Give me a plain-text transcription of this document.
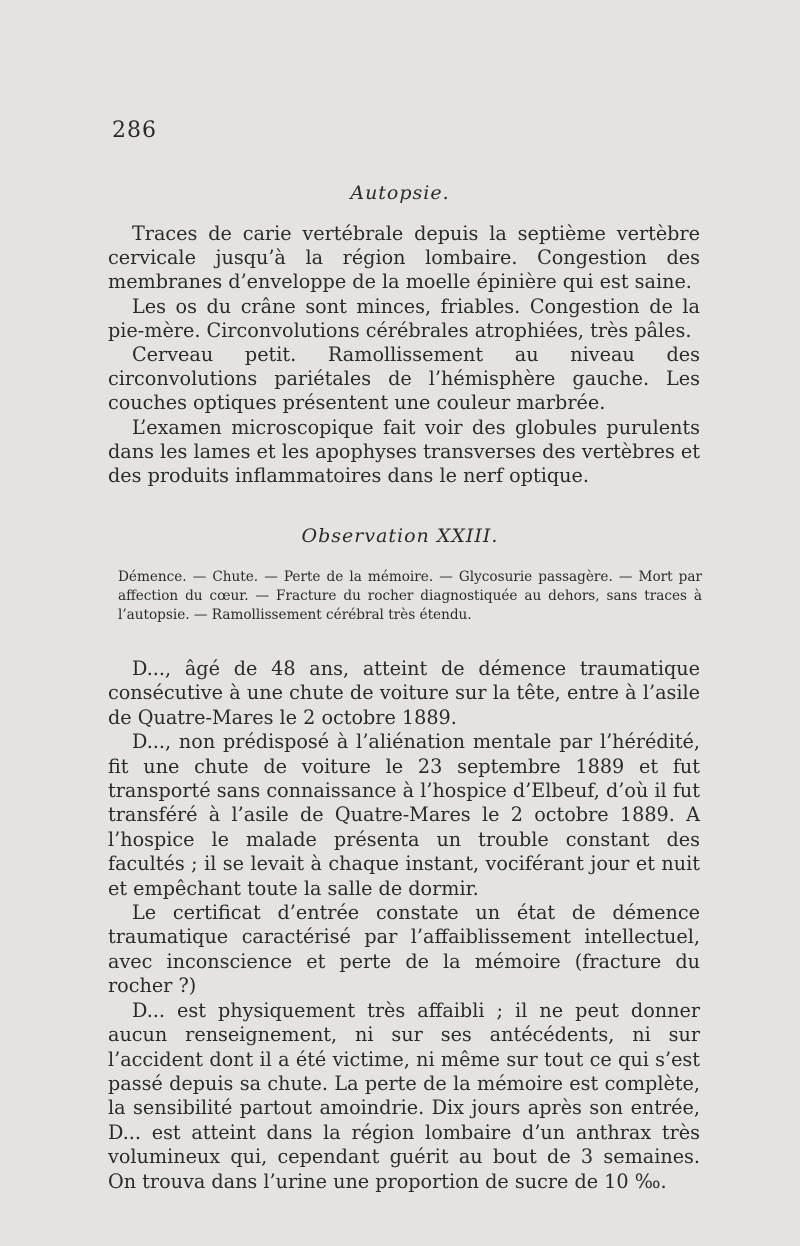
286
Autopsie.

Traces de carie vertébrale depuis la septième vertèbre cervicale jusqu’à la région lombaire. Congestion des membranes d’enveloppe de la moelle épinière qui est saine.

Les os du crâne sont minces, friables. Congestion de la pie-mère. Circonvolutions cérébrales atrophiées, très pâles.

Cerveau petit. Ramollissement au niveau des circonvolutions pariétales de l’hémisphère gauche. Les couches optiques présentent une couleur marbrée.

L’examen microscopique fait voir des globules purulents dans les lames et les apophyses transverses des vertèbres et des produits inflammatoires dans le nerf optique.

Observation XXIII.
Démence. — Chute. — Perte de la mémoire. — Glycosurie passagère. — Mort par affection du cœur. — Fracture du rocher diagnostiquée au dehors, sans traces à l’autopsie. — Ramollissement cérébral très étendu.

D..., âgé de 48 ans, atteint de démence traumatique consécutive à une chute de voiture sur la tête, entre à l’asile de Quatre-Mares le 2 octobre 1889.

D..., non prédisposé à l’aliénation mentale par l’hérédité, fit une chute de voiture le 23 septembre 1889 et fut transporté sans connaissance à l’hospice d’Elbeuf, d’où il fut transféré à l’asile de Quatre-Mares le 2 octobre 1889. A l’hospice le malade présenta un trouble constant des facultés ; il se levait à chaque instant, vociférant jour et nuit et empêchant toute la salle de dormir.

Le certificat d’entrée constate un état de démence traumatique caractérisé par l’affaiblissement intellectuel, avec inconscience et perte de la mémoire (fracture du rocher ?)

D... est physiquement très affaibli ; il ne peut donner aucun renseignement, ni sur ses antécédents, ni sur l’accident dont il a été victime, ni même sur tout ce qui s’est passé depuis sa chute. La perte de la mémoire est complète, la sensibilité partout amoindrie. Dix jours après son entrée, D... est atteint dans la région lombaire d’un anthrax très volumineux qui, cependant guérit au bout de 3 semaines. On trouva dans l’urine une proportion de sucre de 10 ‰.
